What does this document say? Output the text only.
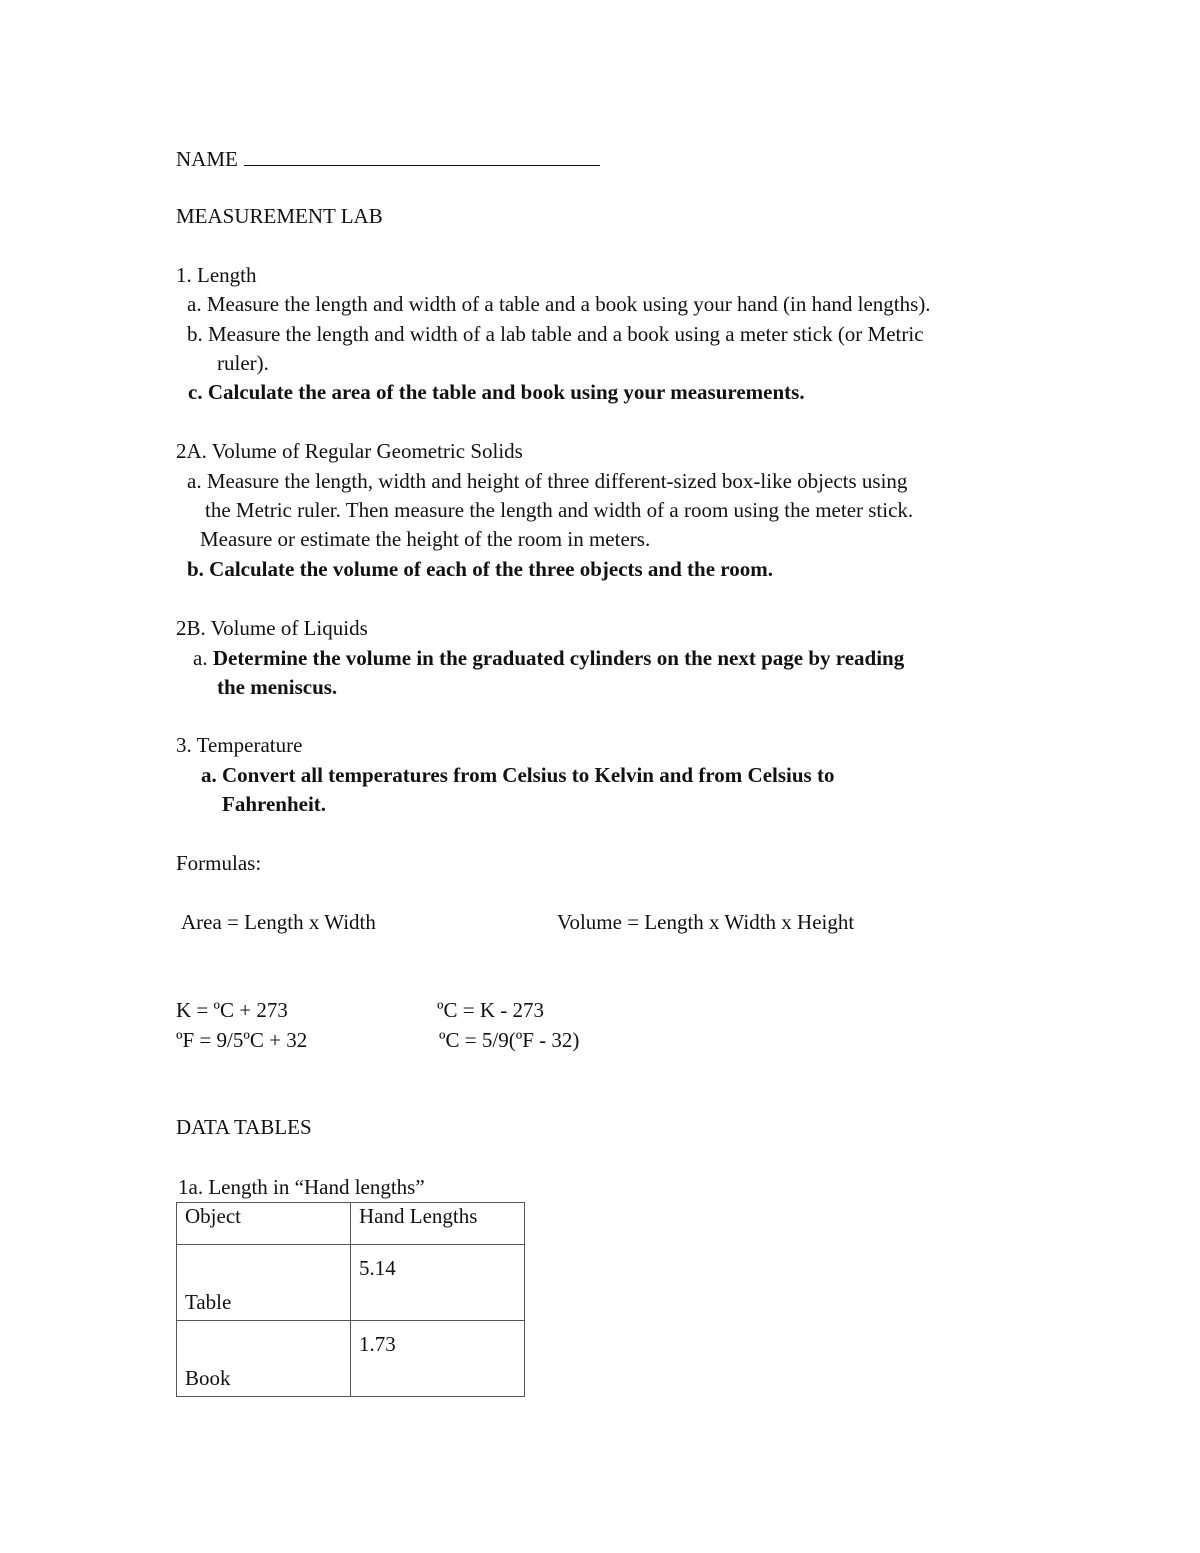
NAME
MEASUREMENT LAB
1. Length
a. Measure the length and width of a table and a book using your hand (in hand lengths).
b. Measure the length and width of a lab table and a book using a meter stick (or Metric
ruler).
c. Calculate the area of the table and book using your measurements.
2A. Volume of Regular Geometric Solids
a. Measure the length, width and height of three different-sized box-like objects using
the Metric ruler. Then measure the length and width of a room using the meter stick.
Measure or estimate the height of the room in meters.
b. Calculate the volume of each of the three objects and the room.
2B. Volume of Liquids
a. Determine the volume in the graduated cylinders on the next page by reading
the meniscus.
3. Temperature
a. Convert all temperatures from Celsius to Kelvin and from Celsius to
Fahrenheit.
Formulas:
Area = Length x Width	Volume = Length x Width x Height
K = ºC + 273	ºC = K - 273
ºF = 9/5ºC + 32	ºC = 5/9(ºF - 32)
DATA TABLES
1a. Length in “Hand lengths”
Object	Hand Lengths

Table	5.14

Book	1.73
